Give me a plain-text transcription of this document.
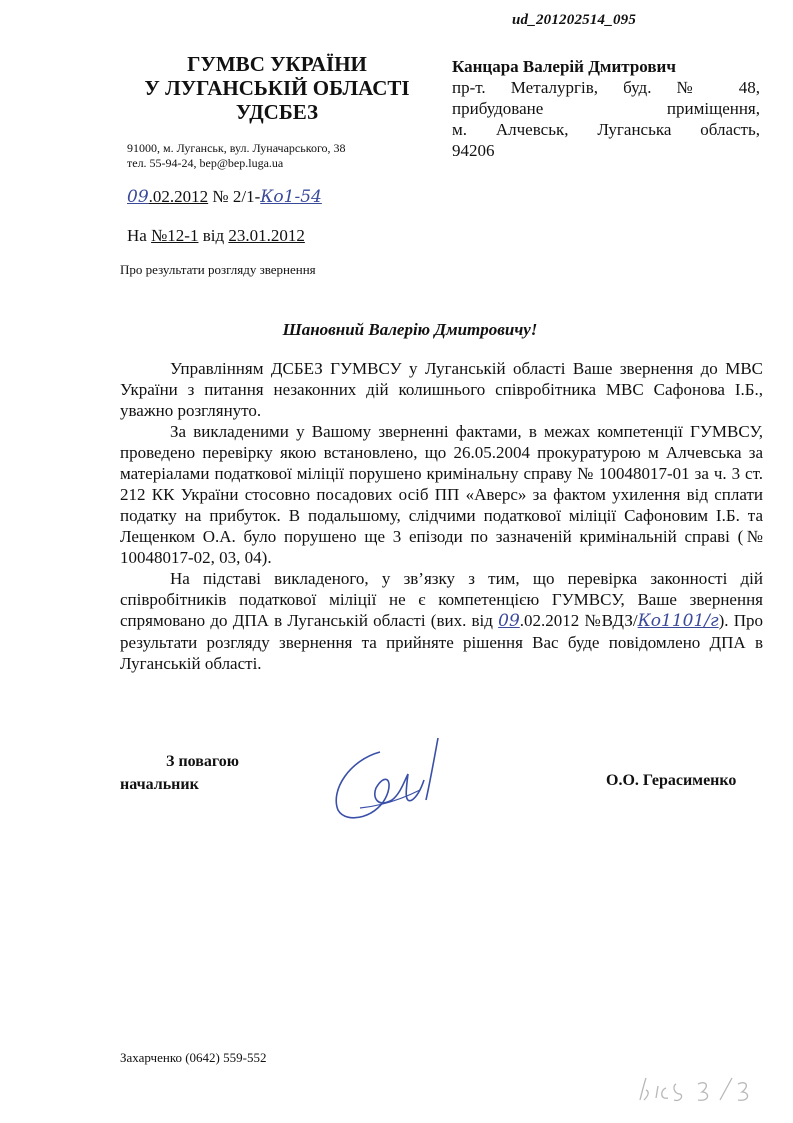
ud_201202514_095
ГУМВС УКРАЇНИ
У ЛУГАНСЬКІЙ ОБЛАСТІ
УДСБЕЗ
91000, м. Луганськ, вул. Луначарського, 38
тел. 55-94-24, bep@bep.luga.ua
Канцара Валерій Дмитрович
пр-т. Металургів, буд. № 48,
прибудоване приміщення,
м. Алчевськ, Луганська область,
94206
09.02.2012 № 2/1-Ко1-54
На №12-1 від 23.01.2012
Про результати розгляду звернення
Шановний Валерію Дмитровичу!

Управлінням ДСБЕЗ ГУМВСУ у Луганській області Ваше звернення до МВС України з питання незаконних дій колишнього співробітника МВС Сафонова І.Б., уважно розглянуто.

За викладеними у Вашому зверненні фактами, в межах компетенції ГУМВСУ, проведено перевірку якою встановлено, що 26.05.2004 прокуратурою м Алчевська за матеріалами податкової міліції порушено кримінальну справу № 10048017-01 за ч. 3 ст. 212 КК України стосовно посадових осіб ПП «Аверс» за фактом ухилення від сплати податку на прибуток. В подальшому, слідчими податкової міліції Сафоновим І.Б. та Лещенком О.А. було порушено ще 3 епізоди по зазначеній кримінальній справі (№ 10048017-02, 03, 04).

На підставі викладеного, у зв’язку з тим, що перевірка законності дій співробітників податкової міліції не є компетенцією ГУМВСУ, Ваше звернення спрямовано до ДПА в Луганській області (вих. від 09.02.2012 №ВДЗ/Ко1101/г). Про результати розгляду звернення та прийняте рішення Вас буде повідомлено ДПА в Луганській області.

З повагою
начальник	О.О. Герасименко
Захарченко (0642) 559-552
